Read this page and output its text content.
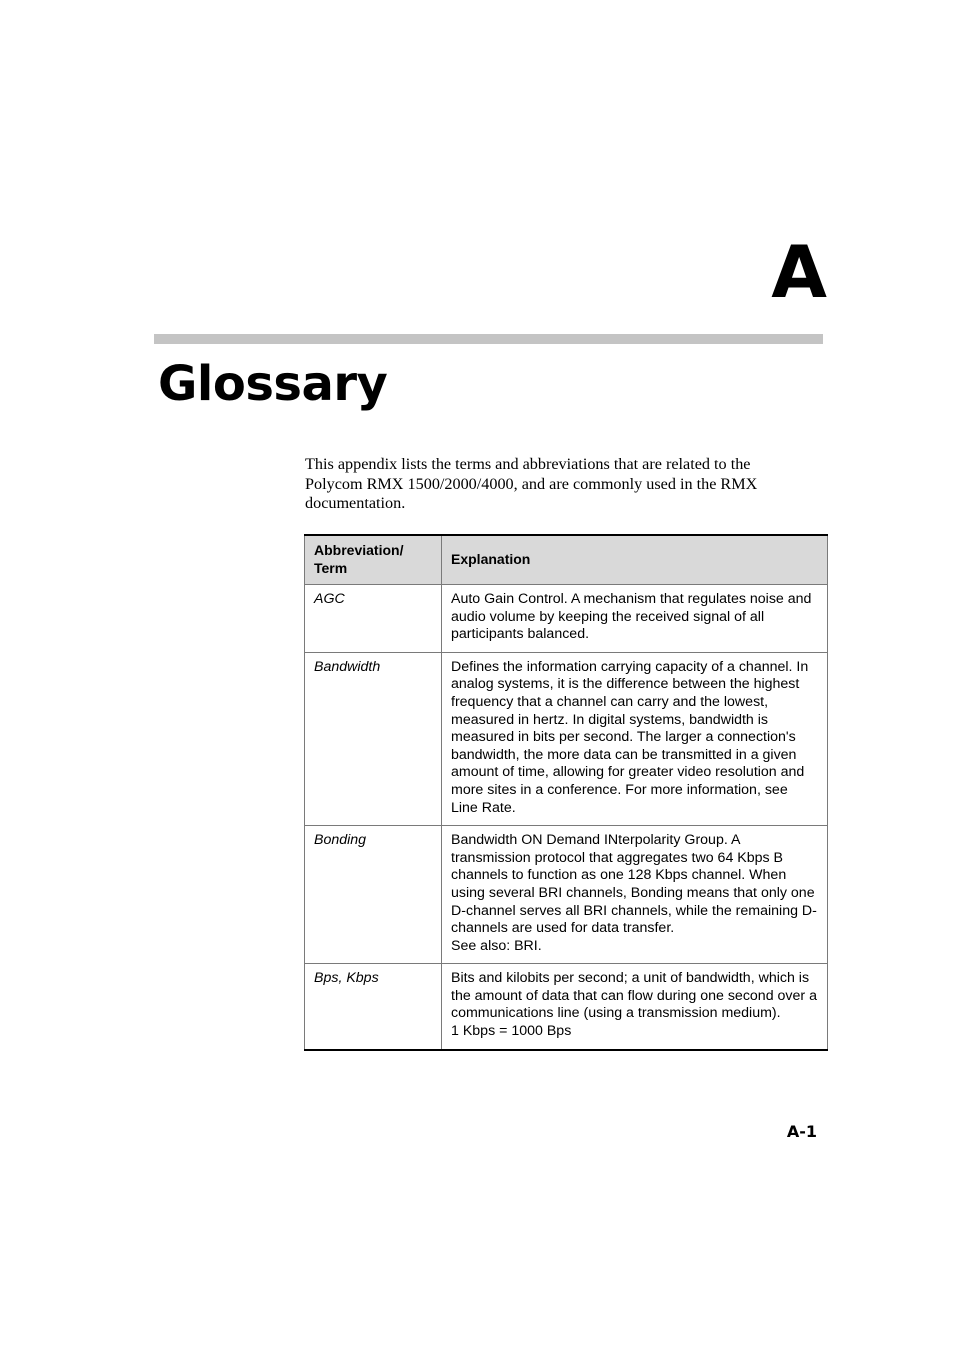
A
Glossary

This appendix lists the terms and abbreviations that are related to the Polycom RMX 1500/2000/4000, and are commonly used in the RMX documentation.

Abbreviation/ Term	Explanation
AGC	Auto Gain Control. A mechanism that regulates noise and audio volume by keeping the received signal of all participants balanced.

Bandwidth	Defines the information carrying capacity of a channel. In analog systems, it is the difference between the highest frequency that a channel can carry and the lowest, measured in hertz. In digital systems, bandwidth is measured in bits per second. The larger a connection's bandwidth, the more data can be transmitted in a given amount of time, allowing for greater video resolution and more sites in a conference. For more information, see Line Rate.

Bonding	Bandwidth ON Demand INterpolarity Group. A transmission protocol that aggregates two 64 Kbps B channels to function as one 128 Kbps channel. When using several BRI channels, Bonding means that only one D-channel serves all BRI channels, while the remaining D-channels are used for data transfer.
See also: BRI.

Bps, Kbps	Bits and kilobits per second; a unit of bandwidth, which is the amount of data that can flow during one second over a communications line (using a transmission medium).
1 Kbps = 1000 Bps
A-1
